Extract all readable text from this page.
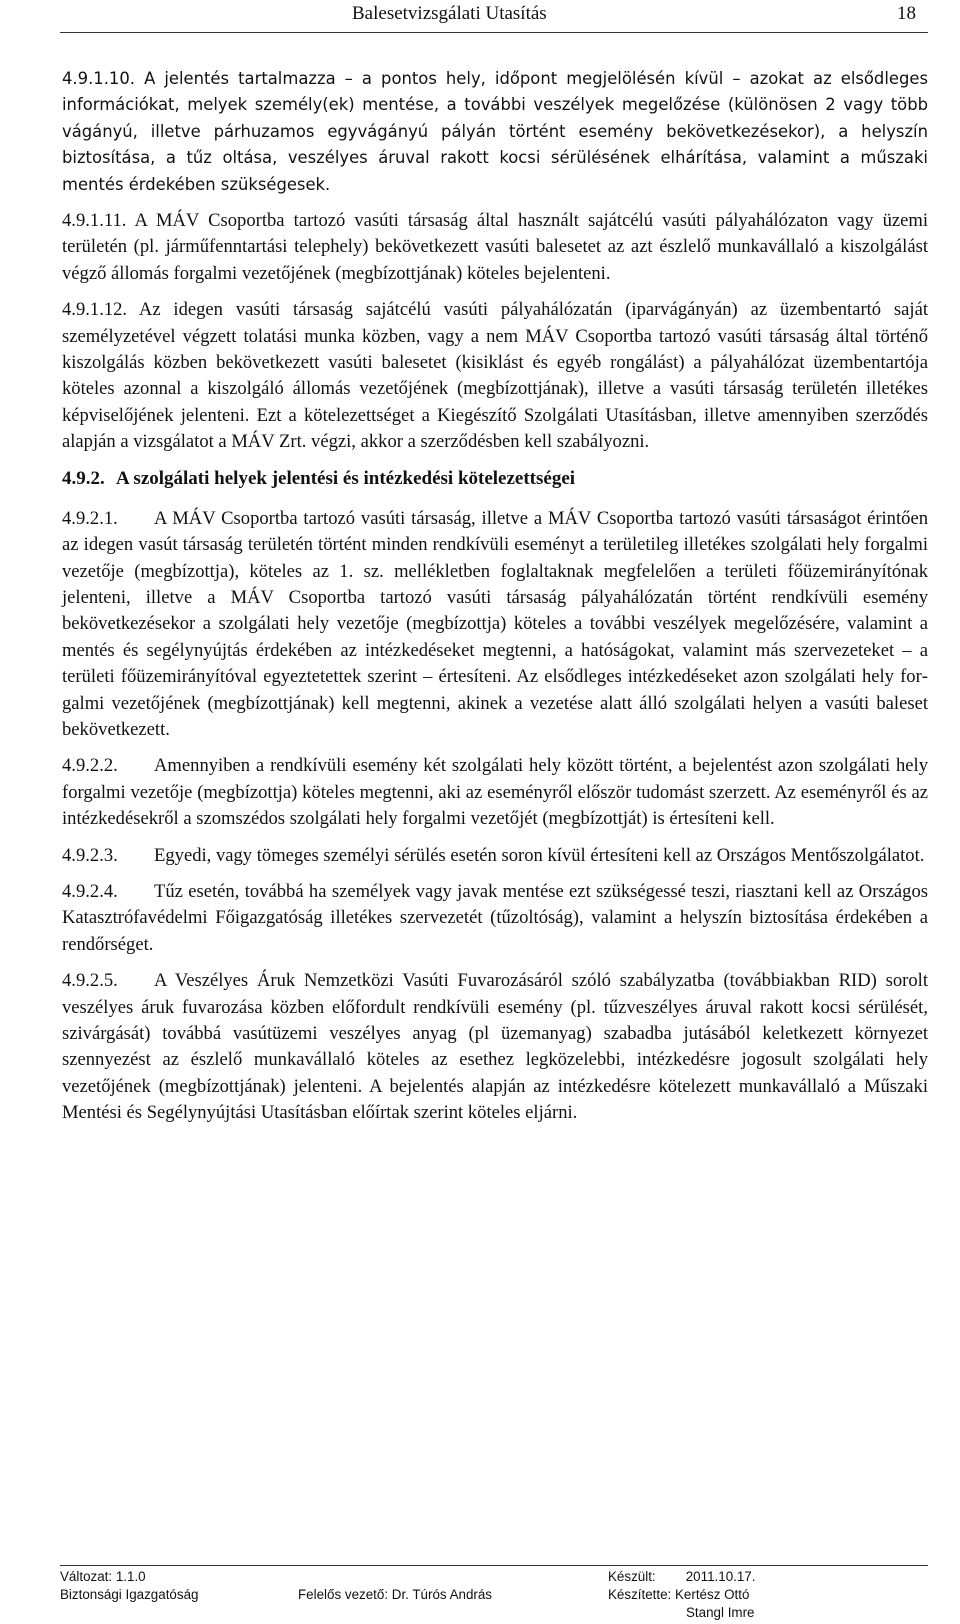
Balesetvizsgálati Utasítás	18

4.9.1.10. A jelentés tartalmazza – a pontos hely, időpont megjelölésén kívül – azokat az elsődleges információkat, melyek személy(ek) mentése, a további veszélyek megelőzése (különösen 2 vagy több vágányú, illetve párhuzamos egyvágányú pályán történt esemény bekövetkezésekor), a helyszín biztosítása, a tűz oltása, veszélyes áruval rakott kocsi sérülésének elhárítása, valamint a műszaki mentés érdekében szükségesek.

4.9.1.11. A MÁV Csoportba tartozó vasúti társaság által használt sajátcélú vasúti pályahálózaton vagy üzemi területén (pl. járműfenntartási telephely) bekövetkezett vasúti balesetet az azt észlelő munkavállaló a kiszolgálást végző állomás forgalmi vezetőjének (megbízottjának) köteles bejelenteni.

4.9.1.12. Az idegen vasúti társaság sajátcélú vasúti pályahálózatán (iparvágányán) az üzembentartó saját személyzetével végzett tolatási munka közben, vagy a nem MÁV Csoportba tartozó vasúti társaság által történő kiszolgálás közben bekövetkezett vasúti balesetet (kisiklást és egyéb rongálást) a pályahálózat üzembentartója köteles azonnal a kiszolgáló állomás vezetőjének (megbízottjának), illetve a vasúti társaság területén illetékes képviselőjének jelenteni. Ezt a kötelezettséget a Kiegészítő Szolgálati Utasításban, illetve amennyiben szerződés alapján a vizsgálatot a MÁV Zrt. végzi, akkor a szerződésben kell szabályozni.

4.9.2. A szolgálati helyek jelentési és intézkedési kötelezettségei

4.9.2.1. A MÁV Csoportba tartozó vasúti társaság, illetve a MÁV Csoportba tartozó vasúti társaságot érintően az idegen vasút társaság területén történt minden rendkívüli eseményt a területileg illetékes szolgálati hely forgalmi vezetője (megbízottja), köteles az 1. sz. mellékletben foglaltaknak megfelelően a területi főüzemirányítónak jelenteni, illetve a MÁV Csoportba tartozó vasúti társaság pályahálózatán történt rendkívüli esemény bekövetkezésekor a szolgálati hely vezetője (megbízottja) köteles a további veszélyek megelőzésére, valamint a mentés és segélynyújtás érdekében az intézkedéseket megtenni, a hatóságokat, valamint más szervezeteket – a területi főüzemirányítóval egyeztetettek szerint – értesíteni. Az elsődleges intézkedéseket azon szolgálati hely forgalmi vezetőjének (megbízottjának) kell megtenni, akinek a vezetése alatt álló szolgálati helyen a vasúti baleset bekövetkezett.

4.9.2.2. Amennyiben a rendkívüli esemény két szolgálati hely között történt, a bejelentést azon szolgálati hely forgalmi vezetője (megbízottja) köteles megtenni, aki az eseményről először tudomást szerzett. Az eseményről és az intézkedésekről a szomszédos szolgálati hely forgalmi vezetőjét (megbízottját) is értesíteni kell.

4.9.2.3. Egyedi, vagy tömeges személyi sérülés esetén soron kívül értesíteni kell az Országos Mentőszolgálatot.

4.9.2.4. Tűz esetén, továbbá ha személyek vagy javak mentése ezt szükségessé teszi, riasztani kell az Országos Katasztrófavédelmi Főigazgatóság illetékes szervezetét (tűzoltóság), valamint a helyszín biztosítása érdekében a rendőrséget.

4.9.2.5. A Veszélyes Áruk Nemzetközi Vasúti Fuvarozásáról szóló szabályzatba (továbbiakban RID) sorolt veszélyes áruk fuvarozása közben előfordult rendkívüli esemény (pl. tűzveszélyes áruval rakott kocsi sérülését, szivárgását) továbbá vasútüzemi veszélyes anyag (pl üzemanyag) szabadba jutásából keletkezett környezet szennyezést az észlelő munkavállaló köteles az esethez legközelebbi, intézkedésre jogosult szolgálati hely vezetőjének (megbízottjának) jelenteni. A bejelentés alapján az intézkedésre kötelezett munkavállaló a Műszaki Mentési és Segélynyújtási Utasításban előírtak szerint köteles eljárni.

Változat: 1.1.0
Biztonsági Igazgatóság	Felelős vezető: Dr. Túrós András
Készült: 2011.10.17.
Készítette: Kertész Ottó
Stangl Imre
